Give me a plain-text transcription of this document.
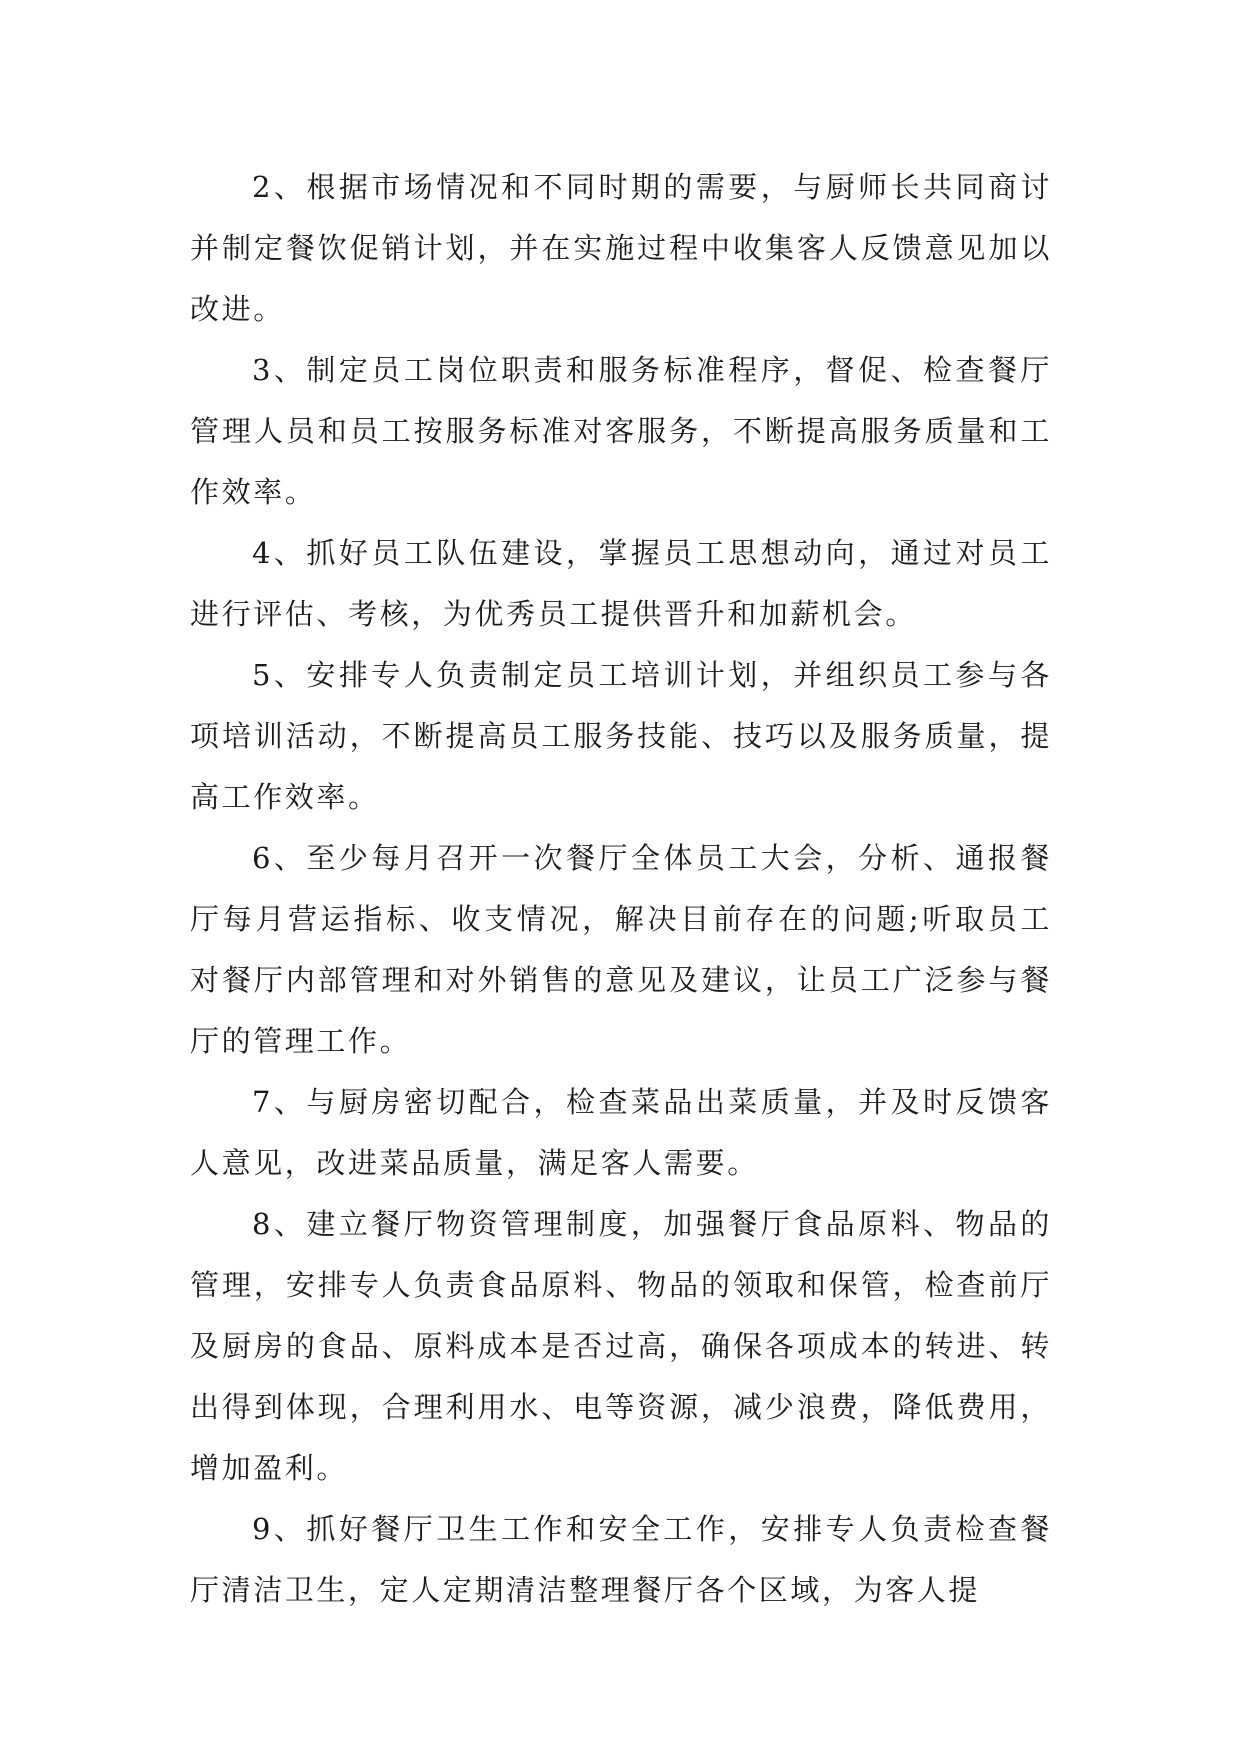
2、根据市场情况和不同时期的需要，与厨师长共同商讨并制定餐饮促销计划，并在实施过程中收集客人反馈意见加以改进。

3、制定员工岗位职责和服务标准程序，督促、检查餐厅管理人员和员工按服务标准对客服务，不断提高服务质量和工作效率。

4、抓好员工队伍建设，掌握员工思想动向，通过对员工进行评估、考核，为优秀员工提供晋升和加薪机会。

5、安排专人负责制定员工培训计划，并组织员工参与各项培训活动，不断提高员工服务技能、技巧以及服务质量，提高工作效率。

6、至少每月召开一次餐厅全体员工大会，分析、通报餐厅每月营运指标、收支情况，解决目前存在的问题;听取员工对餐厅内部管理和对外销售的意见及建议，让员工广泛参与餐厅的管理工作。

7、与厨房密切配合，检查菜品出菜质量，并及时反馈客人意见，改进菜品质量，满足客人需要。

8、建立餐厅物资管理制度，加强餐厅食品原料、物品的管理，安排专人负责食品原料、物品的领取和保管，检查前厅及厨房的食品、原料成本是否过高，确保各项成本的转进、转出得到体现，合理利用水、电等资源，减少浪费，降低费用，增加盈利。

9、抓好餐厅卫生工作和安全工作，安排专人负责检查餐厅清洁卫生，定人定期清洁整理餐厅各个区域，为客人提
